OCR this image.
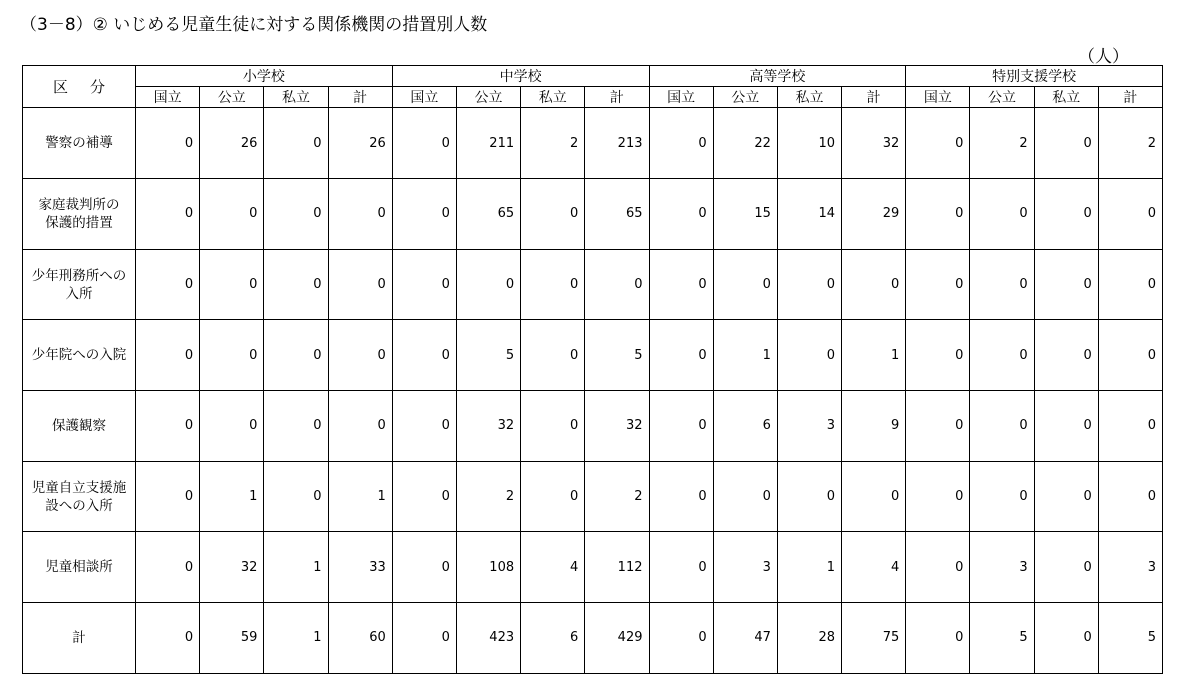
（3－8）② いじめる児童生徒に対する関係機関の措置別人数
（人）
区 分	小学校				中学校				高等学校				特別支援学校			
	国立	公立	私立	計	国立	公立	私立	計	国立	公立	私立	計	国立	公立	私立	計
警察の補導	0	26	0	26	0	211	2	213	0	22	10	32	0	2	0	2
家庭裁判所の
保護的措置	0	0	0	0	0	65	0	65	0	15	14	29	0	0	0	0
少年刑務所への
入所	0	0	0	0	0	0	0	0	0	0	0	0	0	0	0	0
少年院への入院	0	0	0	0	0	5	0	5	0	1	0	1	0	0	0	0
保護観察	0	0	0	0	0	32	0	32	0	6	3	9	0	0	0	0
児童自立支援施
設への入所	0	1	0	1	0	2	0	2	0	0	0	0	0	0	0	0
児童相談所	0	32	1	33	0	108	4	112	0	3	1	4	0	3	0	3
計	0	59	1	60	0	423	6	429	0	47	28	75	0	5	0	5
